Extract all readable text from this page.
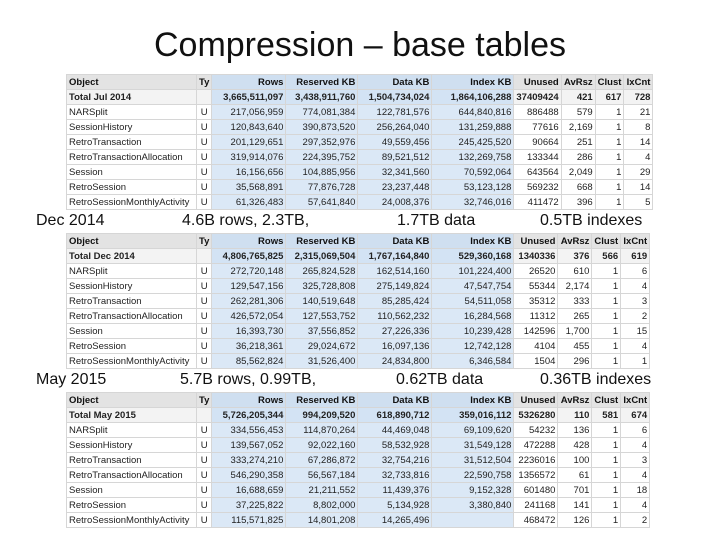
Compression – base tables
Object	Ty	Rows	Reserved KB	Data KB	Index KB	Unused	AvRsz	Clust	IxCnt
Total Jul 2014		3,665,511,097	3,438,911,760	1,504,734,024	1,864,106,288	37409424	421	617	728
NARSplit	U	217,056,959	774,081,384	122,781,576	644,840,816	886488	579	1	21
SessionHistory	U	120,843,640	390,873,520	256,264,040	131,259,888	77616	2,169	1	8
RetroTransaction	U	201,129,651	297,352,976	49,559,456	245,425,520	90664	251	1	14
RetroTransactionAllocation	U	319,914,076	224,395,752	89,521,512	132,269,758	133344	286	1	4
Session	U	16,156,656	104,885,956	32,341,560	70,592,064	643564	2,049	1	29
RetroSession	U	35,568,891	77,876,728	23,237,448	53,123,128	569232	668	1	14
RetroSessionMonthlyActivity	U	61,326,483	57,641,840	24,008,376	32,746,016	411472	396	1	5
Dec 2014	4.6B rows, 2.3TB,	1.7TB data	0.5TB indexes
Object	Ty	Rows	Reserved KB	Data KB	Index KB	Unused	AvRsz	Clust	IxCnt
Total Dec 2014		4,806,765,825	2,315,069,504	1,767,164,840	529,360,168	1340336	376	566	619
NARSplit	U	272,720,148	265,824,528	162,514,160	101,224,400	26520	610	1	6
SessionHistory	U	129,547,156	325,728,808	275,149,824	47,547,754	55344	2,174	1	4
RetroTransaction	U	262,281,306	140,519,648	85,285,424	54,511,058	35312	333	1	3
RetroTransactionAllocation	U	426,572,054	127,553,752	110,562,232	16,284,568	11312	265	1	2
Session	U	16,393,730	37,556,852	27,226,336	10,239,428	142596	1,700	1	15
RetroSession	U	36,218,361	29,024,672	16,097,136	12,742,128	4104	455	1	4
RetroSessionMonthlyActivity	U	85,562,824	31,526,400	24,834,800	6,346,584	1504	296	1	1
May 2015	5.7B rows, 0.99TB,	0.62TB data	0.36TB indexes
Object	Ty	Rows	Reserved KB	Data KB	Index KB	Unused	AvRsz	Clust	IxCnt
Total May 2015		5,726,205,344	994,209,520	618,890,712	359,016,112	5326280	110	581	674
NARSplit	U	334,556,453	114,870,264	44,469,048	69,109,620	54232	136	1	6
SessionHistory	U	139,567,052	92,022,160	58,532,928	31,549,128	472288	428	1	4
RetroTransaction	U	333,274,210	67,286,872	32,754,216	31,512,504	2236016	100	1	3
RetroTransactionAllocation	U	546,290,358	56,567,184	32,733,816	22,590,758	1356572	61	1	4
Session	U	16,688,659	21,211,552	11,439,376	9,152,328	601480	701	1	18
RetroSession	U	37,225,822	8,802,000	5,134,928	3,380,840	241168	141	1	4
RetroSessionMonthlyActivity	U	115,571,825	14,801,208	14,265,496		468472	126	1	2
